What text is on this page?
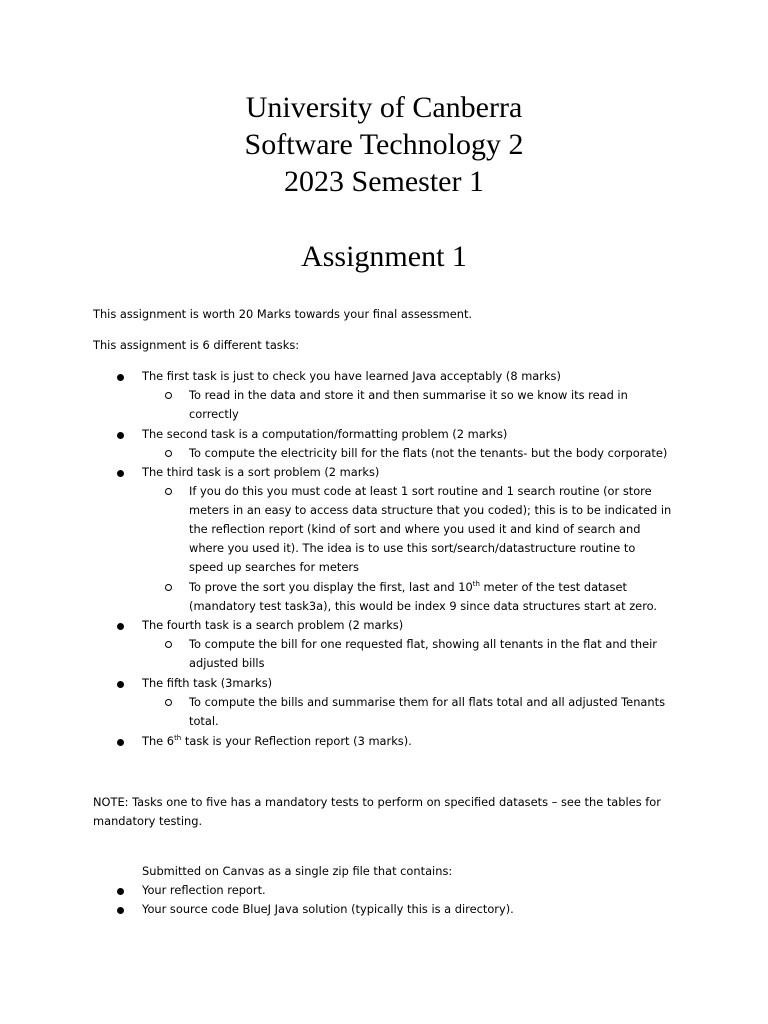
University of Canberra
Software Technology 2
2023 Semester 1
Assignment 1
This assignment is worth 20 Marks towards your final assessment.
This assignment is 6 different tasks:
The first task is just to check you have learned Java acceptably (8 marks)
To read in the data and store it and then summarise it so we know its read in
correctly
The second task is a computation/formatting problem (2 marks)
To compute the electricity bill for the flats (not the tenants- but the body corporate)
The third task is a sort problem (2 marks)
If you do this you must code at least 1 sort routine and 1 search routine (or store
meters in an easy to access data structure that you coded); this is to be indicated in
the reflection report (kind of sort and where you used it and kind of search and
where you used it). The idea is to use this sort/search/datastructure routine to
speed up searches for meters
To prove the sort you display the first, last and 10th meter of the test dataset
(mandatory test task3a), this would be index 9 since data structures start at zero.
The fourth task is a search problem (2 marks)
To compute the bill for one requested flat, showing all tenants in the flat and their
adjusted bills
The fifth task (3marks)
To compute the bills and summarise them for all flats total and all adjusted Tenants
total.
The 6th task is your Reflection report (3 marks).
NOTE: Tasks one to five has a mandatory tests to perform on specified datasets – see the tables for
mandatory testing.
Submitted on Canvas as a single zip file that contains:
Your reflection report.
Your source code BlueJ Java solution (typically this is a directory).
